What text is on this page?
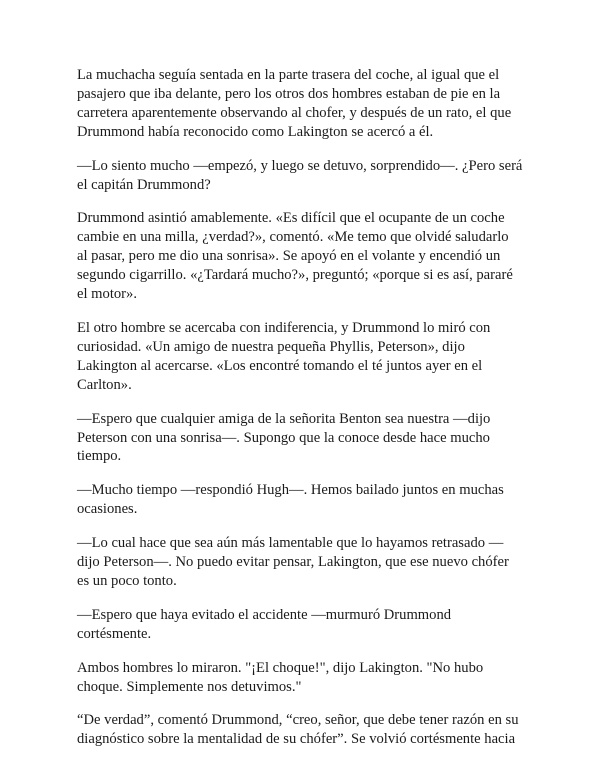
La muchacha seguía sentada en la parte trasera del coche, al igual que el
pasajero que iba delante, pero los otros dos hombres estaban de pie en la
carretera aparentemente observando al chofer, y después de un rato, el que
Drummond había reconocido como Lakington se acercó a él.

—Lo siento mucho —empezó, y luego se detuvo, sorprendido—. ¿Pero será
el capitán Drummond?

Drummond asintió amablemente. «Es difícil que el ocupante de un coche
cambie en una milla, ¿verdad?», comentó. «Me temo que olvidé saludarlo
al pasar, pero me dio una sonrisa». Se apoyó en el volante y encendió un
segundo cigarrillo. «¿Tardará mucho?», preguntó; «porque si es así, pararé
el motor».

El otro hombre se acercaba con indiferencia, y Drummond lo miró con
curiosidad. «Un amigo de nuestra pequeña Phyllis, Peterson», dijo
Lakington al acercarse. «Los encontré tomando el té juntos ayer en el
Carlton».

—Espero que cualquier amiga de la señorita Benton sea nuestra —dijo
Peterson con una sonrisa—. Supongo que la conoce desde hace mucho
tiempo.

—Mucho tiempo —respondió Hugh—. Hemos bailado juntos en muchas
ocasiones.

—Lo cual hace que sea aún más lamentable que lo hayamos retrasado —
dijo Peterson—. No puedo evitar pensar, Lakington, que ese nuevo chófer
es un poco tonto.

—Espero que haya evitado el accidente —murmuró Drummond
cortésmente.

Ambos hombres lo miraron. "¡El choque!", dijo Lakington. "No hubo
choque. Simplemente nos detuvimos."

“De verdad”, comentó Drummond, “creo, señor, que debe tener razón en su
diagnóstico sobre la mentalidad de su chófer”. Se volvió cortésmente hacia
